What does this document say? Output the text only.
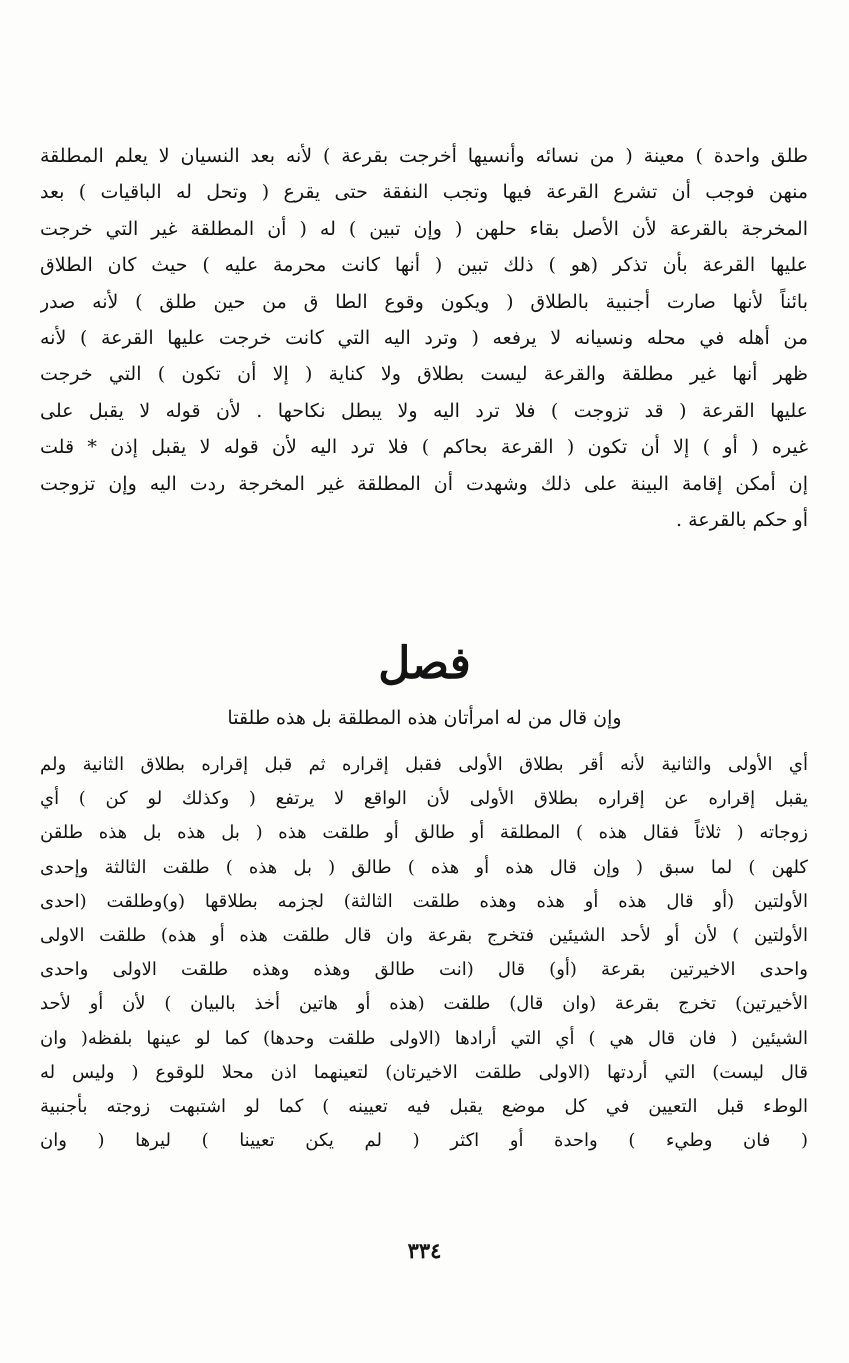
طلق واحدة ) معينة ( من نسائه وأنسيها أخرجت بقرعة ) لأنه بعد النسيان لا يعلم المطلقة
منهن فوجب أن تشرع القرعة فيها وتجب النفقة حتى يقرع ( وتحل له الباقيات ) بعد
المخرجة بالقرعة لأن الأصل بقاء حلهن ( وإن تبين ) له ( أن المطلقة غير التي خرجت
عليها القرعة بأن تذكر (هو ) ذلك تبين ( أنها كانت محرمة عليه ) حيث كان الطلاق
بائناً لأنها صارت أجنبية بالطلاق ( ويكون وقوع الطا ق من حين طلق ) لأنه صدر
من أهله في محله ونسيانه لا يرفعه ( وترد اليه التي كانت خرجت عليها القرعة ) لأنه
ظهر أنها غير مطلقة والقرعة ليست بطلاق ولا كناية ( إلا أن تكون ) التي خرجت
عليها القرعة ( قد تزوجت ) فلا ترد اليه ولا يبطل نكاحها . لأن قوله لا يقبل على
غيره ( أو ) إلا أن تكون ( القرعة بحاكم ) فلا ترد اليه لأن قوله لا يقبل إذن * قلت
إن أمكن إقامة البينة على ذلك وشهدت أن المطلقة غير المخرجة ردت اليه وإن تزوجت
أو حكم بالقرعة .
فصل
وإن قال من له امرأتان هذه المطلقة بل هذه طلقتا
أي الأولى والثانية لأنه أقر بطلاق الأولى فقبل إقراره ثم قبل إقراره بطلاق الثانية ولم
يقبل إقراره عن إقراره بطلاق الأولى لأن الواقع لا يرتفع ( وكذلك لو كن ) أي
زوجاته ( ثلاثاً فقال هذه ) المطلقة أو طالق أو طلقت هذه ( بل هذه بل هذه طلقن
كلهن ) لما سبق ( وإن قال هذه أو هذه ) طالق ( بل هذه ) طلقت الثالثة وإحدى
الأولتين (أو قال هذه أو هذه وهذه طلقت الثالثة) لجزمه بطلاقها (و)وطلقت (احدى
الأولتين ) لأن أو لأحد الشيئين فتخرج بقرعة وان قال طلقت هذه أو هذه) طلقت الاولى
واحدى الاخيرتين بقرعة (أو) قال (انت طالق وهذه وهذه طلقت الاولى واحدى
الأخيرتين) تخرج بقرعة (وان قال) طلقت (هذه أو هاتين أخذ بالبيان ) لأن أو لأحد
الشيئين ( فان قال هي ) أي التي أرادها (الاولى طلقت وحدها) كما لو عينها بلفظه( وان
قال ليست) التي أردتها (الاولى طلقت الاخيرتان) لتعينهما اذن محلا للوقوع ( وليس له
الوطء قبل التعيين في كل موضع يقبل فيه تعيينه ) كما لو اشتبهت زوجته بأجنبية
( فان وطيء ) واحدة أو اكثر ( لم يكن تعيينا ) ليرها ( وان
٣٣٤
